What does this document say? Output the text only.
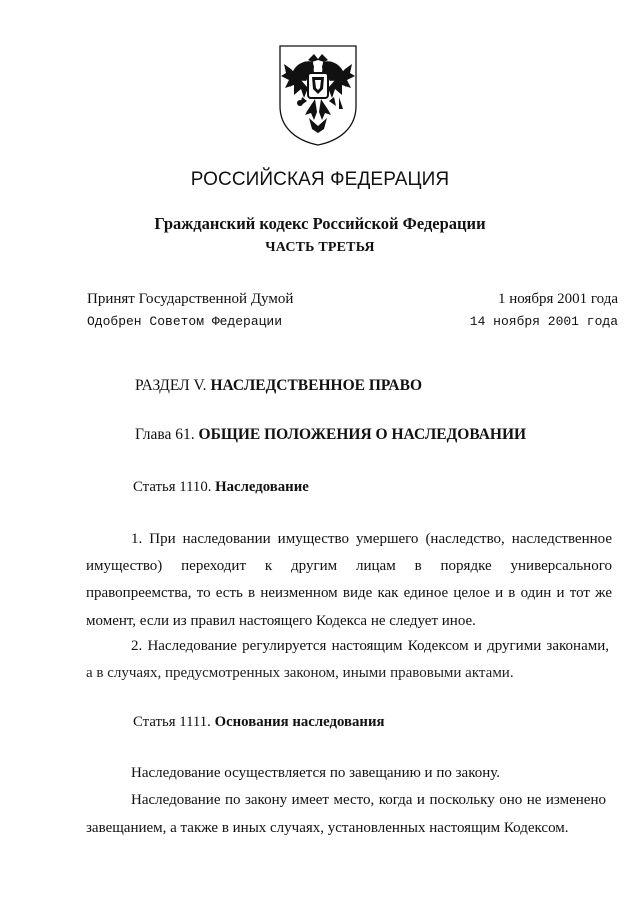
РОССИЙСКАЯ ФЕДЕРАЦИЯ
Гражданский кодекс Российской Федерации
ЧАСТЬ ТРЕТЬЯ
Принят Государственной Думой	1 ноября 2001 года
Одобрен Советом Федерации	14 ноября 2001 года
РАЗДЕЛ V. НАСЛЕДСТВЕННОЕ ПРАВО
Глава 61. ОБЩИЕ ПОЛОЖЕНИЯ О НАСЛЕДОВАНИИ
Статья 1110. Наследование
1. При наследовании имущество умершего (наследство, наследственное
имущество) переходит к другим лицам в порядке универсального
правопреемства, то есть в неизменном виде как единое целое и в один и тот же
момент, если из правил настоящего Кодекса не следует иное.
2. Наследование регулируется настоящим Кодексом и другими законами,
а в случаях, предусмотренных законом, иными правовыми актами.
Статья 1111. Основания наследования
Наследование осуществляется по завещанию и по закону.
Наследование по закону имеет место, когда и поскольку оно не изменено
завещанием, а также в иных случаях, установленных настоящим Кодексом.
